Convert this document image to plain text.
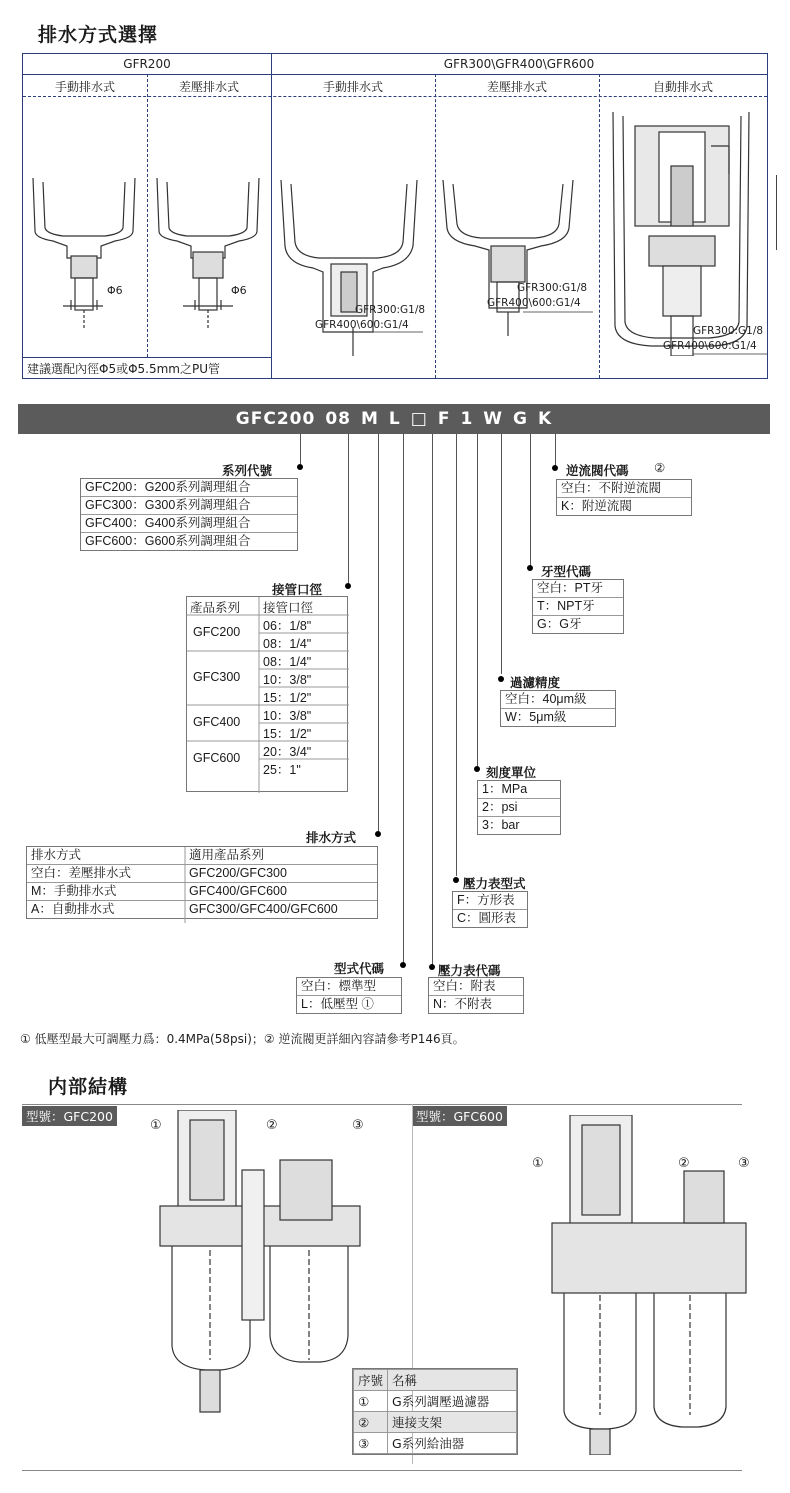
排水方式選擇
GFR200	GFR300\GFR400\GFR600
手動排水式	差壓排水式	手動排水式	差壓排水式	自動排水式
建議選配內徑Φ5或Φ5.5mm之PU管
Φ6	Φ6
GFR300:G1/8
GFR400\600:G1/4
GFR300:G1/8
GFR400\600:G1/4
GFR300:G1/8
GFR400\600:G1/4
GFC200 08 M L □ F 1 W G K
系列代號
GFC200：G200系列調理組合
GFC300：G300系列調理組合
GFC400：G400系列調理組合
GFC600：G600系列調理組合
接管口徑
產品系列 接管口徑
GFC200 06：1/8"
08：1/4"
GFC300
08：1/4"
10：3/8"
15：1/2"
GFC400 10：3/8"
15：1/2"
GFC600 20：3/4"
25：1"
排水方式
排水方式	適用產品系列
空白：差壓排水式	GFC200/GFC300
M：手動排水式	GFC400/GFC600
A：自動排水式	GFC300/GFC400/GFC600
型式代碼
空白：標準型
L：低壓型 ①
壓力表代碼
空白：附表
N：不附表
壓力表型式
F：方形表
C：圓形表
刻度單位
1：MPa
2：psi
3：bar
過濾精度
空白：40μm級
W：5μm級
牙型代碼
空白：PT牙
T：NPT牙
G：G牙
逆流閥代碼 ②
空白：不附逆流閥
K：附逆流閥
① 低壓型最大可調壓力爲：0.4MPa(58psi)；② 逆流閥更詳細內容請參考P146頁。
内部結構
型號：GFC200	型號：GFC600
①	②	③
①	②	③
序號	名稱
①	G系列調壓過濾器
②	連接支架
③	G系列給油器
